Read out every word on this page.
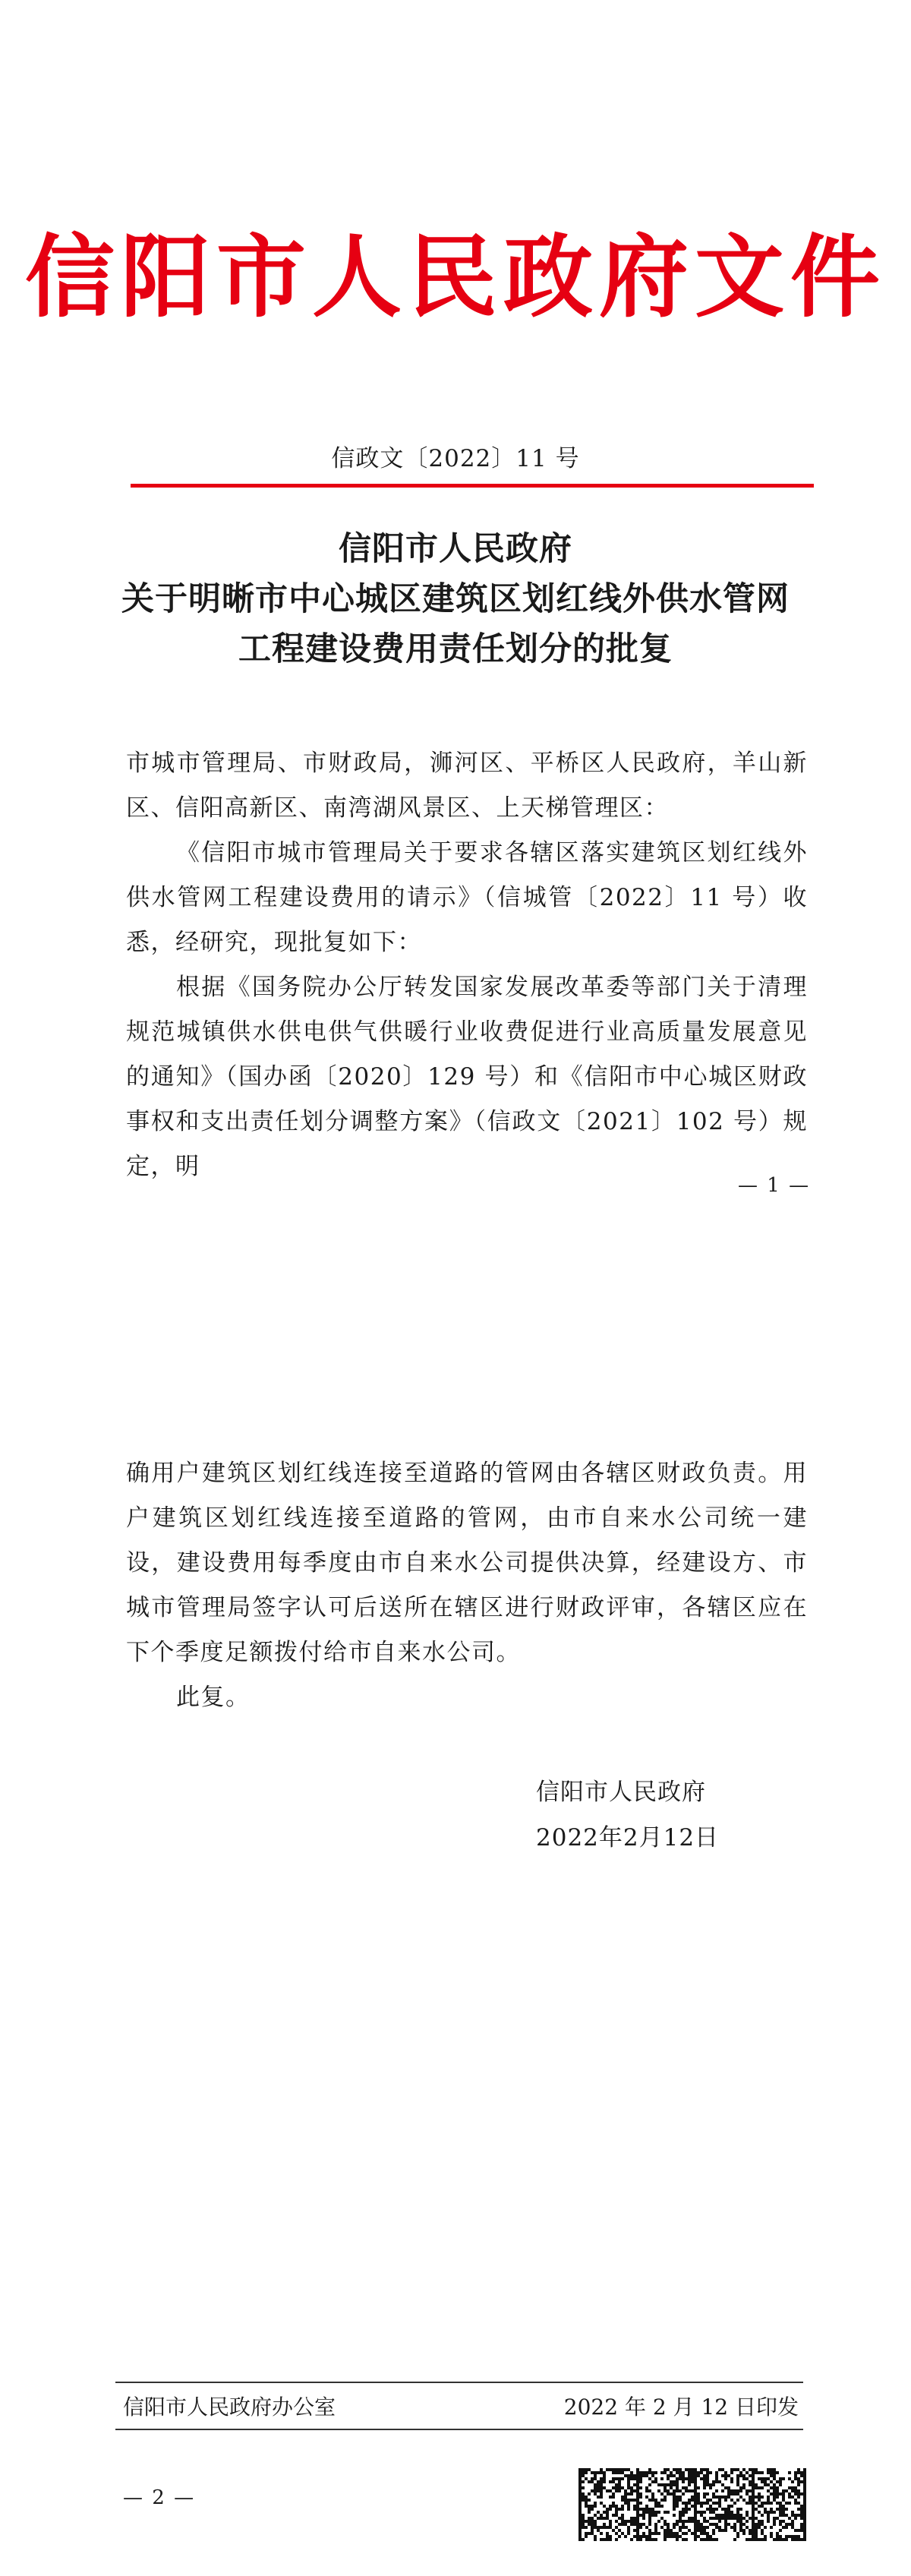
信阳市人民政府文件
信政文〔2022〕11 号
信阳市人民政府
关于明晰市中心城区建筑区划红线外供水管网
工程建设费用责任划分的批复

市城市管理局、市财政局，浉河区、平桥区人民政府，羊山新区、信阳高新区、南湾湖风景区、上天梯管理区：

《信阳市城市管理局关于要求各辖区落实建筑区划红线外供水管网工程建设费用的请示》（信城管〔2022〕11 号）收悉，经研究，现批复如下：

根据《国务院办公厅转发国家发展改革委等部门关于清理规范城镇供水供电供气供暖行业收费促进行业高质量发展意见的通知》（国办函〔2020〕129 号）和《信阳市中心城区财政事权和支出责任划分调整方案》（信政文〔2021〕102 号）规定，明

— 1 —

确用户建筑区划红线连接至道路的管网由各辖区财政负责。用户建筑区划红线连接至道路的管网，由市自来水公司统一建设，建设费用每季度由市自来水公司提供决算，经建设方、市城市管理局签字认可后送所在辖区进行财政评审，各辖区应在下个季度足额拨付给市自来水公司。

此复。

信阳市人民政府
2022年2月12日
信阳市人民政府办公室	2022 年 2 月 12 日印发
— 2 —
